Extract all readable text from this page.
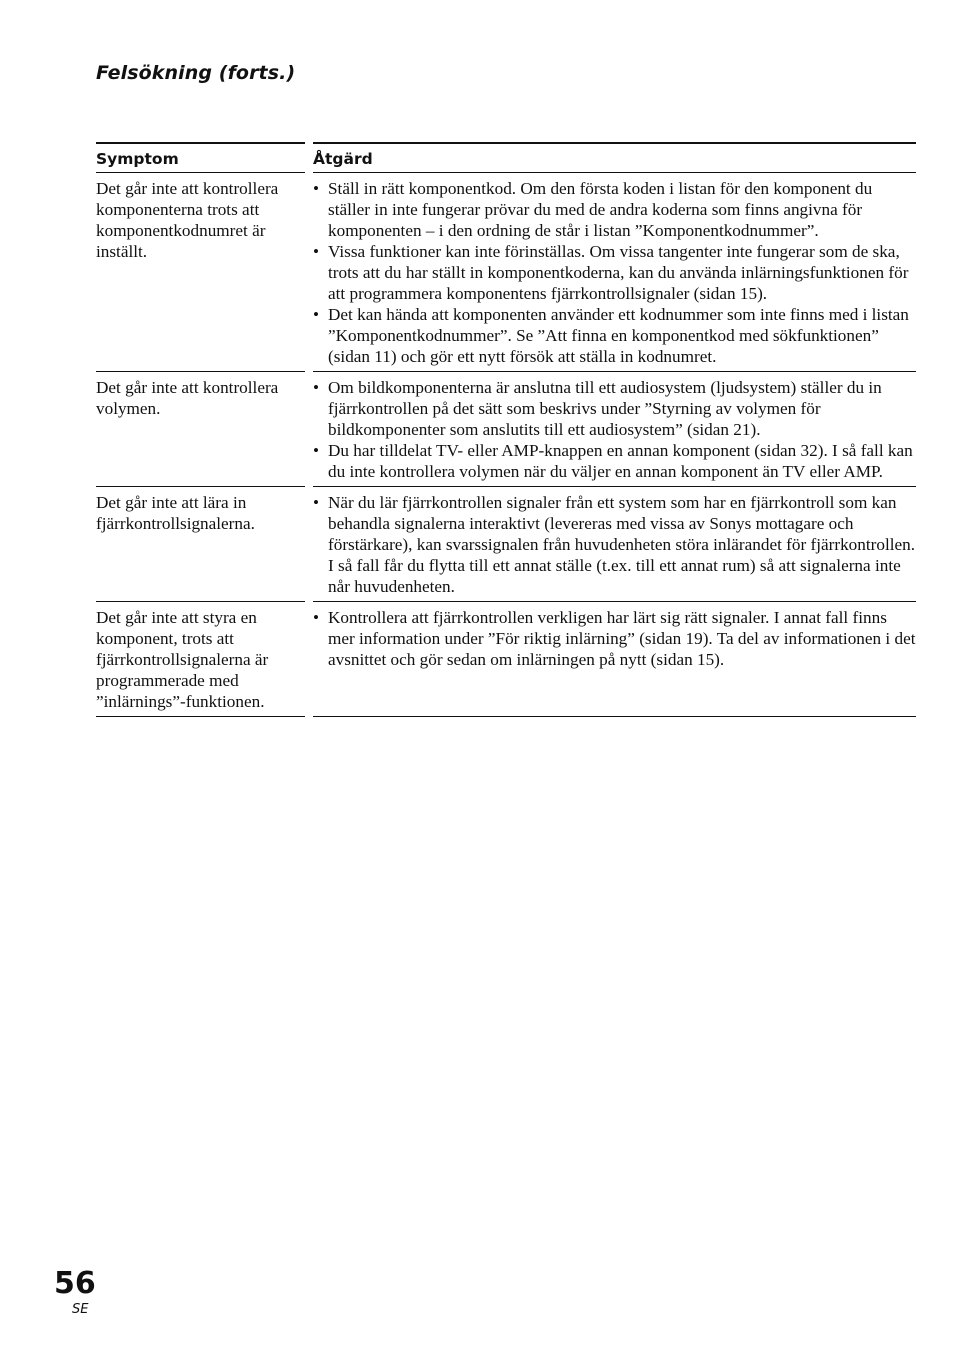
Felsökning (forts.)
Symptom	Åtgärd
Det går inte att kontrollera komponenterna trots att komponentkodnumret är inställt.
• Ställ in rätt komponentkod. Om den första koden i listan för den komponent du ställer in inte fungerar prövar du med de andra koderna som finns angivna för komponenten – i den ordning de står i listan ”Komponentkodnummer”.
• Vissa funktioner kan inte förinställas. Om vissa tangenter inte fungerar som de ska, trots att du har ställt in komponentkoderna, kan du använda inlärningsfunktionen för att programmera komponentens fjärrkontrollsignaler (sidan 15).
• Det kan hända att komponenten använder ett kodnummer som inte finns med i listan ”Komponentkodnummer”. Se ”Att finna en komponentkod med sökfunktionen” (sidan 11) och gör ett nytt försök att ställa in kodnumret.
Det går inte att kontrollera volymen.
• Om bildkomponenterna är anslutna till ett audiosystem (ljudsystem) ställer du in fjärrkontrollen på det sätt som beskrivs under ”Styrning av volymen för bildkomponenter som anslutits till ett audiosystem” (sidan 21).
• Du har tilldelat TV- eller AMP-knappen en annan komponent (sidan 32). I så fall kan du inte kontrollera volymen när du väljer en annan komponent än TV eller AMP.
Det går inte att lära in fjärrkontrollsignalerna.
• När du lär fjärrkontrollen signaler från ett system som har en fjärrkontroll som kan behandla signalerna interaktivt (levereras med vissa av Sonys mottagare och förstärkare), kan svarssignalen från huvudenheten störa inlärandet för fjärrkontrollen. I så fall får du flytta till ett annat ställe (t.ex. till ett annat rum) så att signalerna inte når huvudenheten.
Det går inte att styra en komponent, trots att fjärrkontrollsignalerna är programmerade med ”inlärnings”-funktionen.
• Kontrollera att fjärrkontrollen verkligen har lärt sig rätt signaler. I annat fall finns mer information under ”För riktig inlärning” (sidan 19). Ta del av informationen i det avsnittet och gör sedan om inlärningen på nytt (sidan 15).
56
SE
